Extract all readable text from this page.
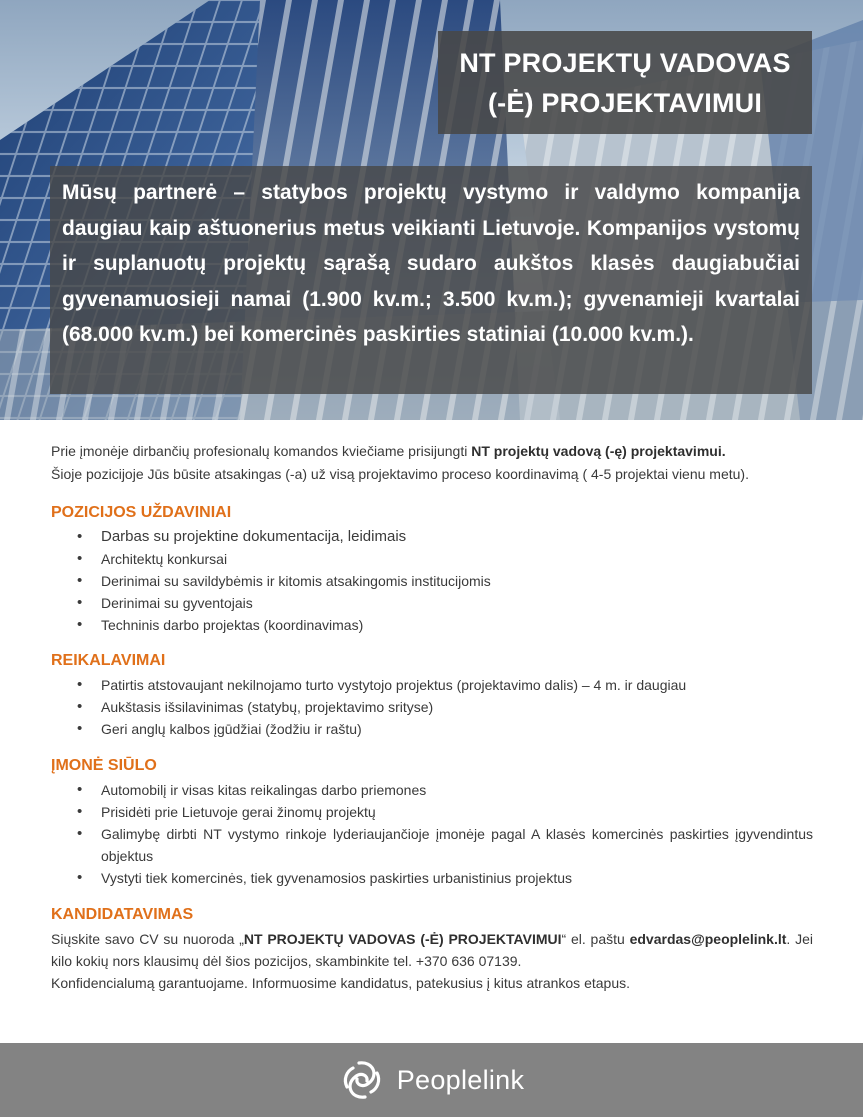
NT PROJEKTŲ VADOVAS
(-Ė) PROJEKTAVIMUI

Mūsų partnerė – statybos projektų vystymo ir valdymo kompanija daugiau kaip aštuonerius metus veikianti Lietuvoje. Kompanijos vystomų ir suplanuotų projektų sąrašą sudaro aukštos klasės daugiabučiai gyvenamuosieji namai (1.900 kv.m.; 3.500 kv.m.); gyvenamieji kvartalai (68.000 kv.m.) bei komercinės paskirties statiniai (10.000 kv.m.).

Prie įmonėje dirbančių profesionalų komandos kviečiame prisijungti NT projektų vadovą (-ę) projektavimui.
Šioje pozicijoje Jūs būsite atsakingas (-a) už visą projektavimo proceso koordinavimą ( 4-5 projektai vienu metu).

POZICIJOS UŽDAVINIAI
• Darbas su projektine dokumentacija, leidimais
• Architektų konkursai
• Derinimai su savildybėmis ir kitomis atsakingomis institucijomis
• Derinimai su gyventojais
• Techninis darbo projektas (koordinavimas)
REIKALAVIMAI
• Patirtis atstovaujant nekilnojamo turto vystytojo projektus (projektavimo dalis) – 4 m. ir daugiau
• Aukštasis išsilavinimas (statybų, projektavimo srityse)
• Geri anglų kalbos įgūdžiai (žodžiu ir raštu)
ĮMONĖ SIŪLO
• Automobilį ir visas kitas reikalingas darbo priemones
• Prisidėti prie Lietuvoje gerai žinomų projektų
• Galimybę dirbti NT vystymo rinkoje lyderiaujančioje įmonėje pagal A klasės komercinės paskirties įgyvendintus objektus
• Vystyti tiek komercinės, tiek gyvenamosios paskirties urbanistinius projektus
KANDIDATAVIMAS

Siųskite savo CV su nuoroda „NT PROJEKTŲ VADOVAS (-Ė) PROJEKTAVIMUI“ el. paštu edvardas@peoplelink.lt. Jei kilo kokių nors klausimų dėl šios pozicijos, skambinkite tel. +370 636 07139.

Konfidencialumą garantuojame. Informuosime kandidatus, patekusius į kitus atrankos etapus.

Peoplelink
